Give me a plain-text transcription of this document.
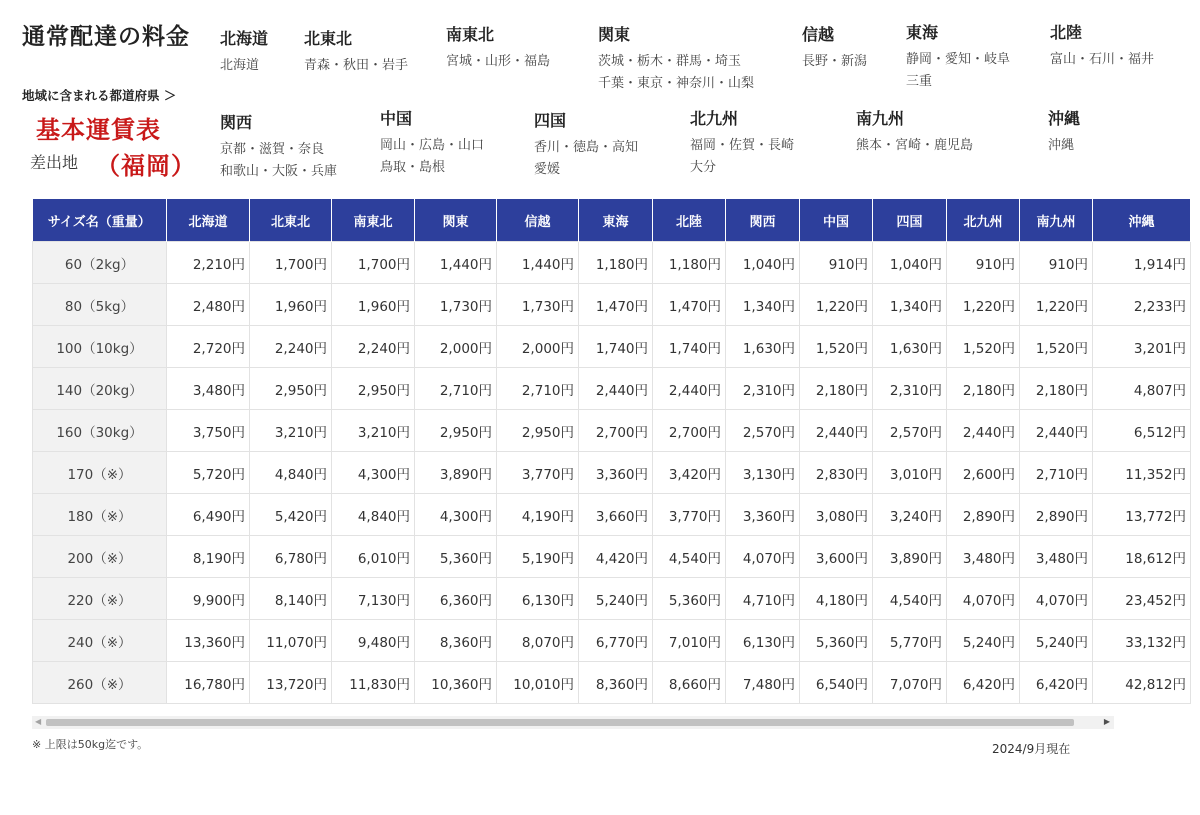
通常配達の料金 北海道
北海道
北東北
青森・秋田・岩手
南東北
宮城・山形・福島
関東
茨城・栃木・群馬・埼玉
千葉・東京・神奈川・山梨
信越
長野・新潟
東海
静岡・愛知・岐阜
三重
北陸
富山・石川・福井
地域に含まれる都道府県 ＞
基本運賃表
差出地 （福岡）
関西
京都・滋賀・奈良
和歌山・大阪・兵庫
中国
岡山・広島・山口
鳥取・島根
四国
香川・徳島・高知
愛媛
北九州
福岡・佐賀・長崎
大分
南九州
熊本・宮崎・鹿児島
沖縄
沖縄
サイズ名（重量）	北海道	北東北	南東北	関東	信越	東海	北陸	関西	中国	四国	北九州	南九州	沖縄
60（2kg）	2,210円	1,700円	1,700円	1,440円	1,440円	1,180円	1,180円	1,040円	910円	1,040円	910円	910円	1,914円
80（5kg）	2,480円	1,960円	1,960円	1,730円	1,730円	1,470円	1,470円	1,340円	1,220円	1,340円	1,220円	1,220円	2,233円
100（10kg）	2,720円	2,240円	2,240円	2,000円	2,000円	1,740円	1,740円	1,630円	1,520円	1,630円	1,520円	1,520円	3,201円
140（20kg）	3,480円	2,950円	2,950円	2,710円	2,710円	2,440円	2,440円	2,310円	2,180円	2,310円	2,180円	2,180円	4,807円
160（30kg）	3,750円	3,210円	3,210円	2,950円	2,950円	2,700円	2,700円	2,570円	2,440円	2,570円	2,440円	2,440円	6,512円
170（※）	5,720円	4,840円	4,300円	3,890円	3,770円	3,360円	3,420円	3,130円	2,830円	3,010円	2,600円	2,710円	11,352円
180（※）	6,490円	5,420円	4,840円	4,300円	4,190円	3,660円	3,770円	3,360円	3,080円	3,240円	2,890円	2,890円	13,772円
200（※）	8,190円	6,780円	6,010円	5,360円	5,190円	4,420円	4,540円	4,070円	3,600円	3,890円	3,480円	3,480円	18,612円
220（※）	9,900円	8,140円	7,130円	6,360円	6,130円	5,240円	5,360円	4,710円	4,180円	4,540円	4,070円	4,070円	23,452円
240（※）	13,360円	11,070円	9,480円	8,360円	8,070円	6,770円	7,010円	6,130円	5,360円	5,770円	5,240円	5,240円	33,132円
260（※）	16,780円	13,720円	11,830円	10,360円	10,010円	8,360円	8,660円	7,480円	6,540円	7,070円	6,420円	6,420円	42,812円
◀	▶
※ 上限は50kg迄です。	2024/9月現在
